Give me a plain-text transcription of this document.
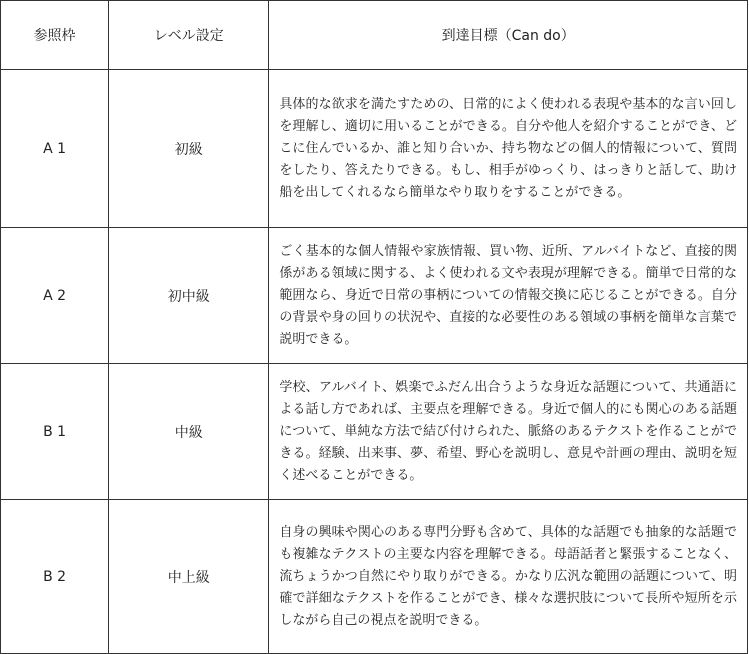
参照枠	レベル設定	到達目標（Can do）
A 1	初級	具体的な欲求を満たすための、日常的によく使われる表現や基本的な言い回しを理解し、適切に用いることができる。自分や他人を紹介することができ、どこに住んでいるか、誰と知り合いか、持ち物などの個人的情報について、質問をしたり、答えたりできる。もし、相手がゆっくり、はっきりと話して、助け船を出してくれるなら簡単なやり取りをすることができる。
A 2	初中級	ごく基本的な個人情報や家族情報、買い物、近所、アルバイトなど、直接的関係がある領域に関する、よく使われる文や表現が理解できる。簡単で日常的な範囲なら、身近で日常の事柄についての情報交換に応じることができる。自分の背景や身の回りの状況や、直接的な必要性のある領域の事柄を簡単な言葉で説明できる。
B 1	中級	学校、アルバイト、娯楽でふだん出合うような身近な話題について、共通語による話し方であれば、主要点を理解できる。身近で個人的にも関心のある話題について、単純な方法で結び付けられた、脈絡のあるテクストを作ることができる。経験、出来事、夢、希望、野心を説明し、意見や計画の理由、説明を短く述べることができる。
B 2	中上級	自身の興味や関心のある専門分野も含めて、具体的な話題でも抽象的な話題でも複雑なテクストの主要な内容を理解できる。母語話者と緊張することなく、流ちょうかつ自然にやり取りができる。かなり広汎な範囲の話題について、明確で詳細なテクストを作ることができ、様々な選択肢について長所や短所を示しながら自己の視点を説明できる。
